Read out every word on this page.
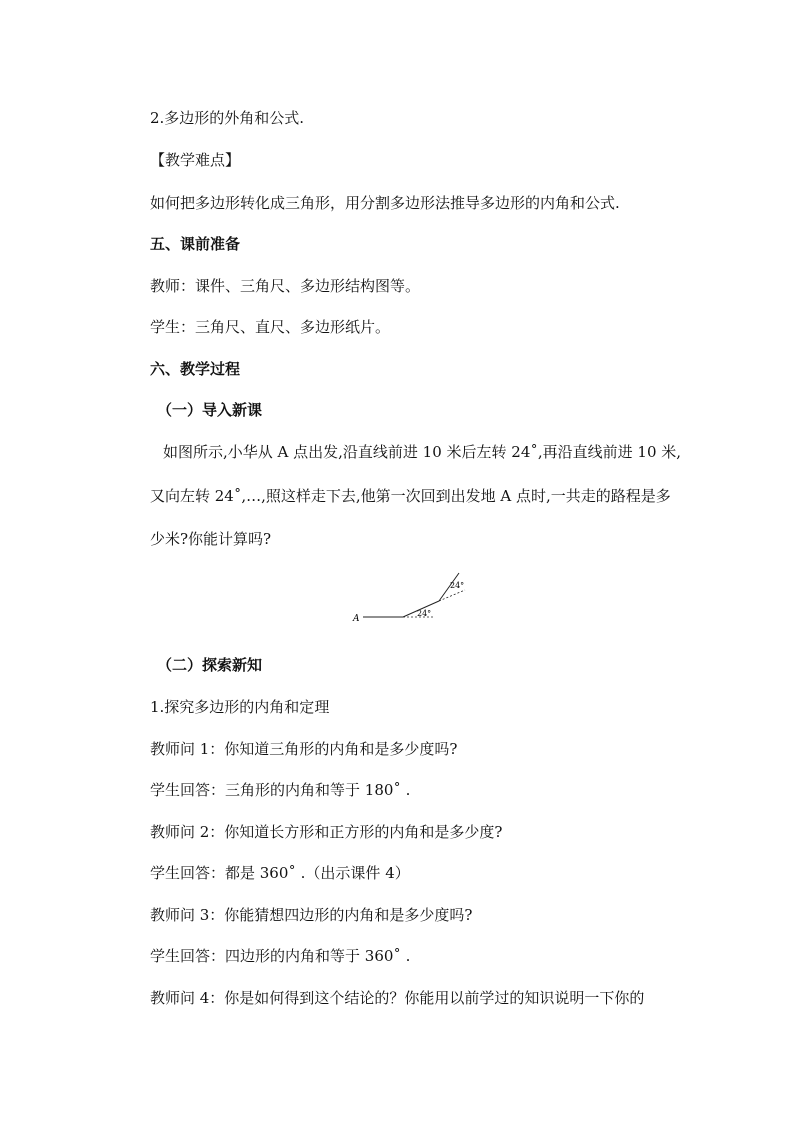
2.多边形的外角和公式.
【教学难点】
如何把多边形转化成三角形，用分割多边形法推导多边形的内角和公式.
五、课前准备
教师：课件、三角尺、多边形结构图等。
学生：三角尺、直尺、多边形纸片。
六、教学过程
（一）导入新课
如图所示,小华从 A 点出发,沿直线前进 10 米后左转 24˚,再沿直线前进 10 米,
又向左转 24˚,…,照这样走下去,他第一次回到出发地 A 点时,一共走的路程是多
少米?你能计算吗?
A
24°
24°
（二）探索新知
1.探究多边形的内角和定理
教师问 1：你知道三角形的内角和是多少度吗?
学生回答：三角形的内角和等于 180˚ .
教师问 2：你知道长方形和正方形的内角和是多少度?
学生回答：都是 360˚ .（出示课件 4）
教师问 3：你能猜想四边形的内角和是多少度吗?
学生回答：四边形的内角和等于 360˚ .
教师问 4：你是如何得到这个结论的？你能用以前学过的知识说明一下你的
